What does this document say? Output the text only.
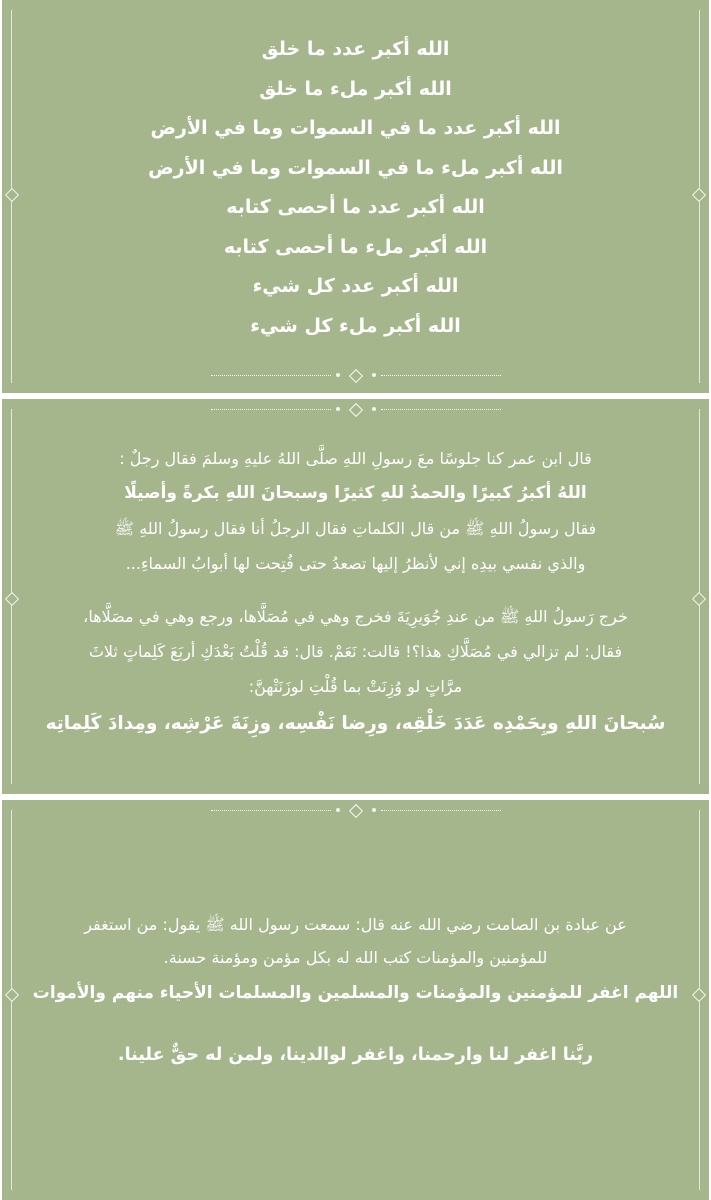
الله أكبر عدد ما خلق
الله أكبر ملء ما خلق
الله أكبر عدد ما في السموات وما في الأرض
الله أكبر ملء ما في السموات وما في الأرض
الله أكبر عدد ما أحصى كتابه
الله أكبر ملء ما أحصى كتابه
الله أكبر عدد كل شيء
الله أكبر ملء كل شيء
قال ابن عمر كنا جلوسًا معَ رسولِ اللهِ صلَّى اللهُ عليهِ وسلمَ فقال رجلٌ :
اللهُ أكبرُ كبيرًا والحمدُ للهِ كثيرًا وسبحانَ اللهِ بكرةً وأصيلًا
فقال رسولُ اللهِ ﷺ من قال الكلماتِ فقال الرجلُ أنا فقال رسولُ اللهِ ﷺ
والذي نفسي بيدِه إني لأنظرُ إليها تصعدُ حتى فُتِحت لها أبوابُ السماءِ...
خرج رَسولُ اللهِ ﷺ من عندِ جُوَيرِيَةَ فخرج وهي في مُصَلَّاها، ورجع وهي في مصَلَّاها،
فقال: لم تزالي في مُصَلَّاكِ هذا؟! قالت: نَعَمْ. قال: قد قُلْتُ بَعْدَكِ أربَعَ كَلِماتٍ ثلاثَ
مرَّاتٍ لو وُزِنَتْ بما قُلْتِ لوزَنَتْهنَّ:
سُبحانَ اللهِ وبِحَمْدِه عَدَدَ خَلْقِه، ورِضا نَفْسِه، وزِنَةَ عَرْشِه، ومِدادَ كَلِماتِه
عن عبادة بن الصامت رضي الله عنه قال: سمعت رسول الله ﷺ يقول: من استغفر
للمؤمنين والمؤمنات كتب الله له بكل مؤمن ومؤمنة حسنة.
اللهم اغفر للمؤمنين والمؤمنات والمسلمين والمسلمات الأحياء منهم والأموات
ربَّنا اغفر لنا وارحمنا، واغفر لوالدينا، ولمن له حقٌّ علينا.
